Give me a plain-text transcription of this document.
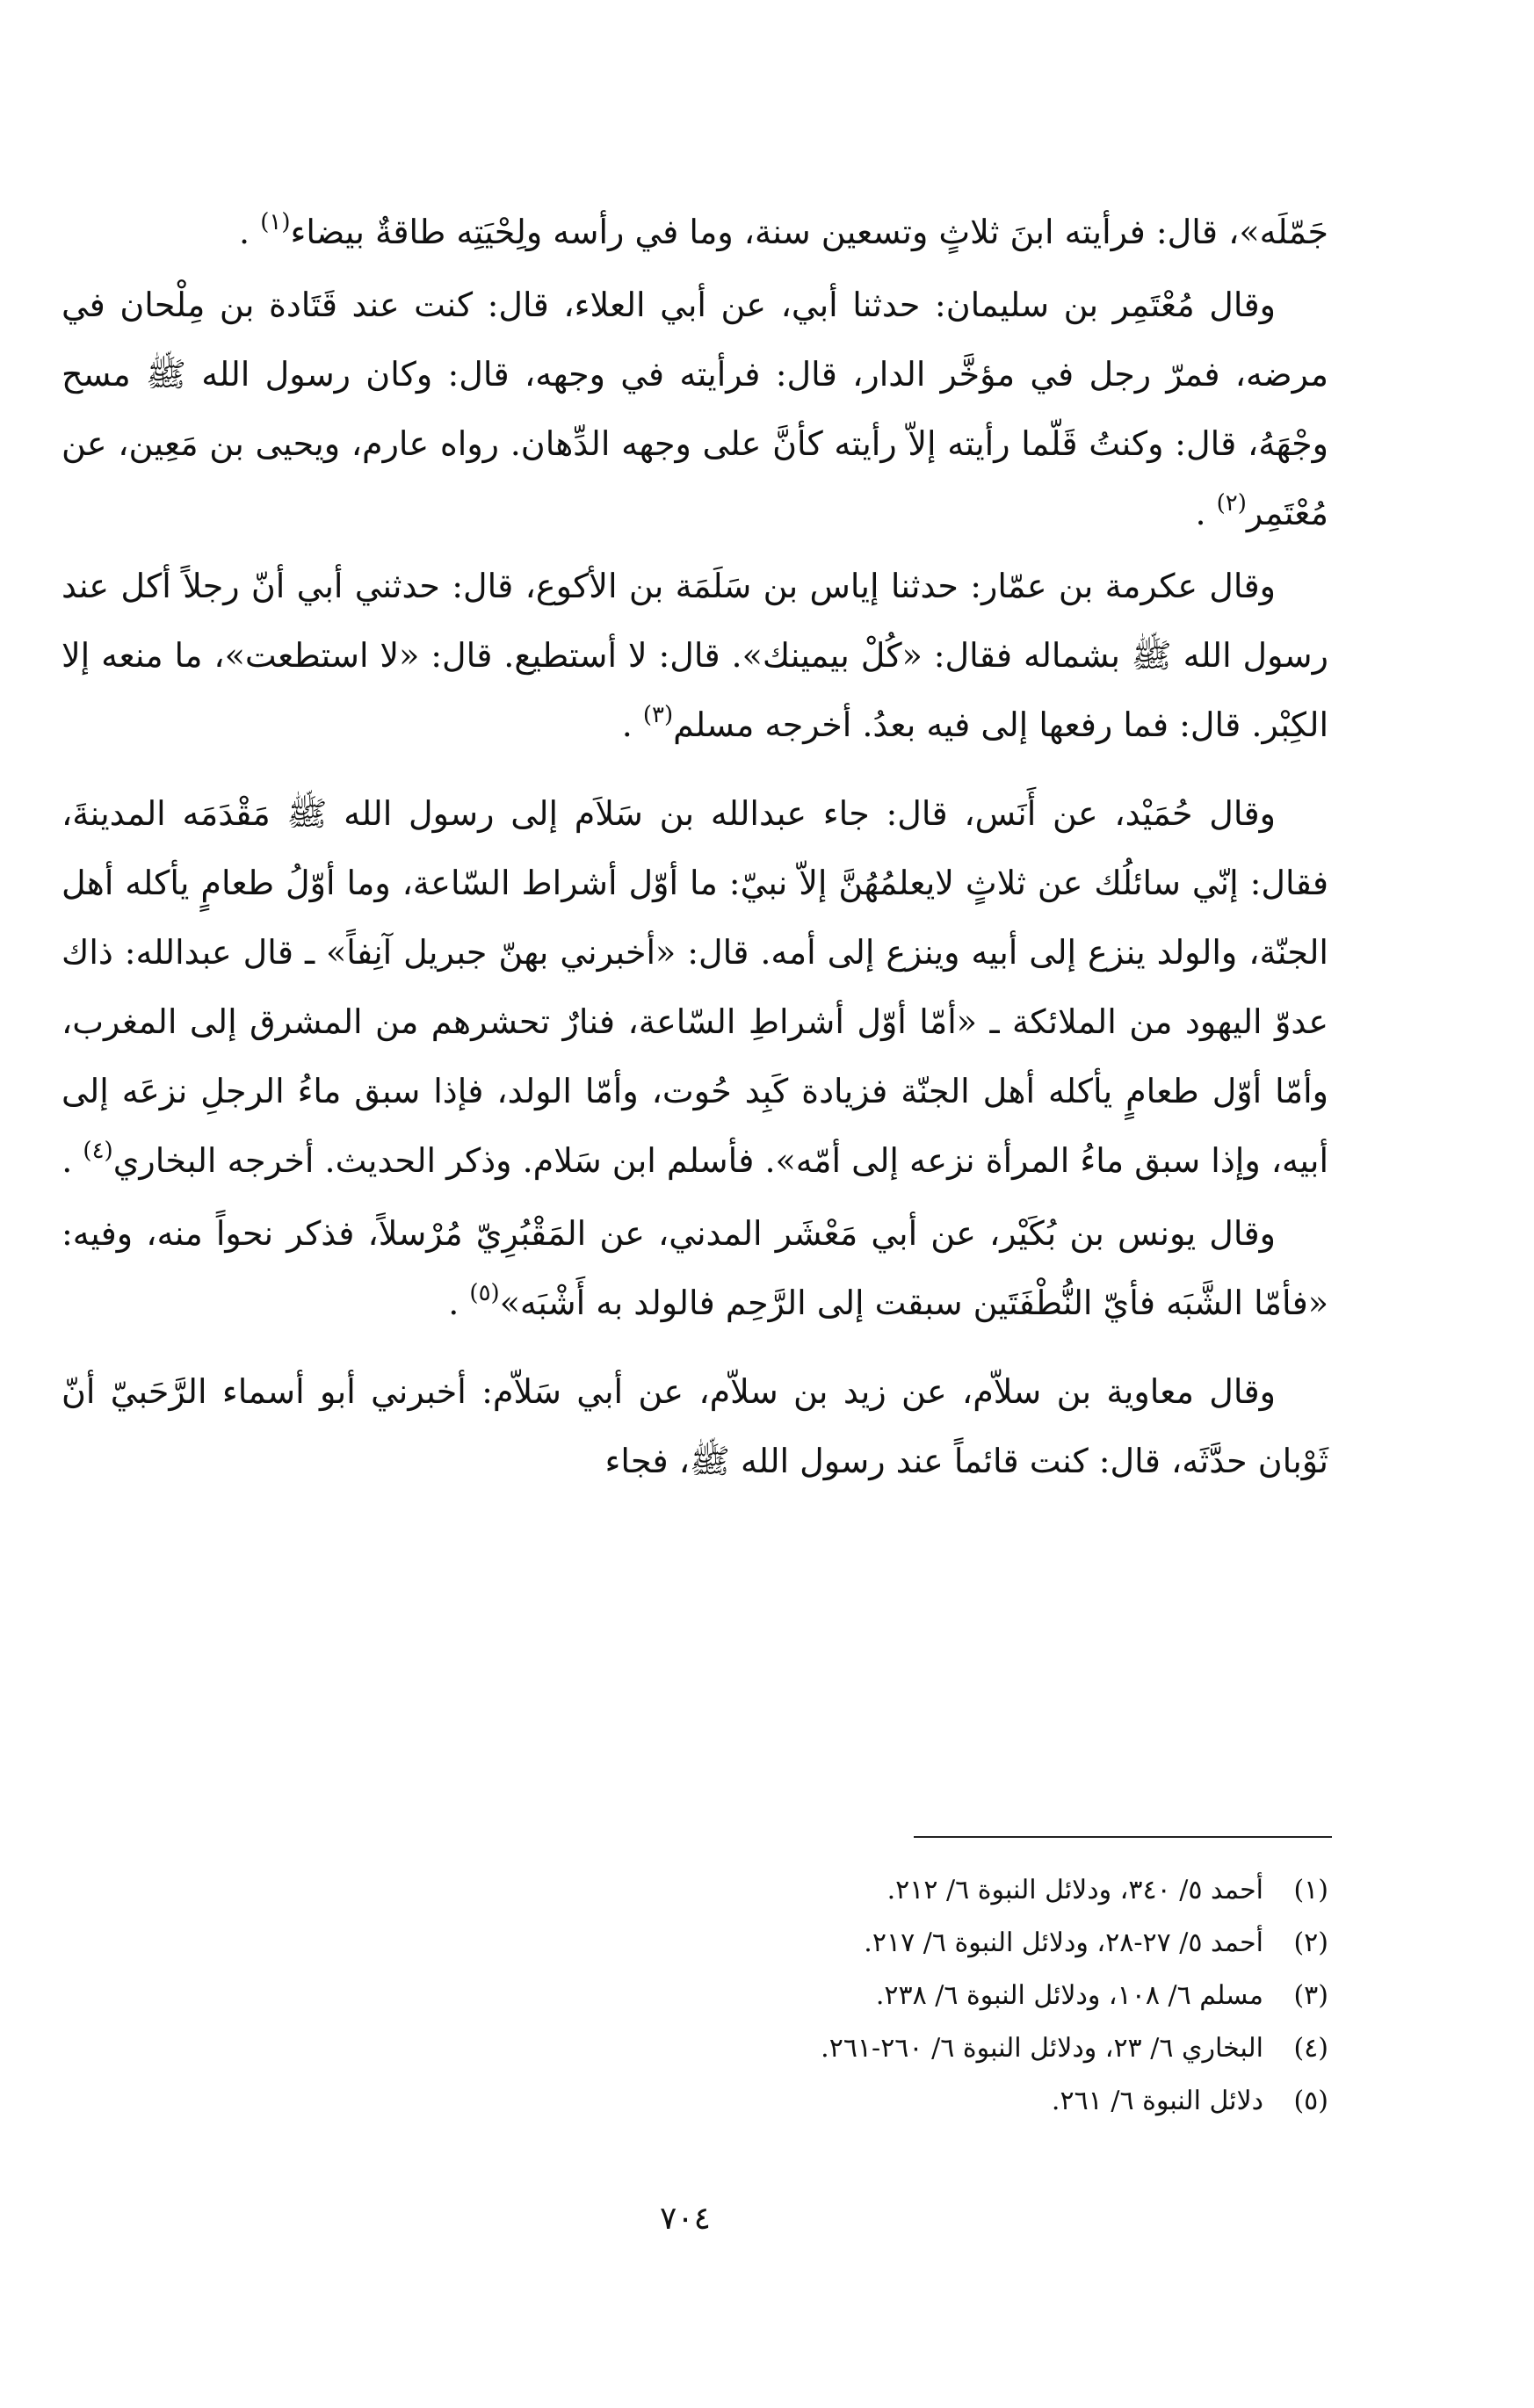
جَمّلَه»، قال: فرأيته ابنَ ثلاثٍ وتسعين سنة، وما في رأسه ولِحْيَتِه طاقةٌ بيضاء$^{(١)}$ .

وقال مُعْتَمِر بن سليمان: حدثنا أبي، عن أبي العلاء، قال: كنت عند قَتَادة بن مِلْحان في مرضه، فمرّ رجل في مؤخَّر الدار، قال: فرأيته في وجهه، قال: وكان رسول الله ﷺ مسح وجْهَهُ، قال: وكنتُ قَلّما رأيته إلاّ رأيته كأنَّ على وجهه الدِّهان. رواه عارم، ويحيى بن مَعِين، عن مُعْتَمِر$^{(٢)}$ .

وقال عكرمة بن عمّار: حدثنا إياس بن سَلَمَة بن الأكوع، قال: حدثني أبي أنّ رجلاً أكل عند رسول الله ﷺ بشماله فقال: «كُلْ بيمينك». قال: لا أستطيع. قال: «لا استطعت»، ما منعه إلا الكِبْر. قال: فما رفعها إلى فيه بعدُ. أخرجه مسلم$^{(٣)}$ .

وقال حُمَيْد، عن أَنَس، قال: جاء عبدالله بن سَلاَم إلى رسول الله ﷺ مَقْدَمَه المدينةَ، فقال: إنّي سائلُك عن ثلاثٍ لايعلمُهُنَّ إلاّ نبيّ: ما أوّل أشراط السّاعة، وما أوّلُ طعامٍ يأكله أهل الجنّة، والولد ينزع إلى أبيه وينزع إلى أمه. قال: «أخبرني بهنّ جبريل آنِفاً» ـ قال عبدالله: ذاك عدوّ اليهود من الملائكة ـ «أمّا أوّل أشراطِ السّاعة، فنارٌ تحشرهم من المشرق إلى المغرب، وأمّا أوّل طعامٍ يأكله أهل الجنّة فزيادة كَبِد حُوت، وأمّا الولد، فإذا سبق ماءُ الرجلِ نزعَه إلى أبيه، وإذا سبق ماءُ المرأة نزعه إلى أمّه». فأسلم ابن سَلام. وذكر الحديث. أخرجه البخاري$^{(٤)}$ .

وقال يونس بن بُكَيْر، عن أبي مَعْشَر المدني، عن المَقْبُرِيّ مُرْسلاً، فذكر نحواً منه، وفيه: «فأمّا الشَّبَه فأيّ النُّطْفَتَين سبقت إلى الرَّحِم فالولد به أَشْبَه»$^{(٥)}$ .

وقال معاوية بن سلاّم، عن زيد بن سلاّم، عن أبي سَلاّم: أخبرني أبو أسماء الرَّحَبيّ أنّ ثَوْبان حدَّثَه، قال: كنت قائماً عند رسول الله ﷺ، فجاء

(١)
أحمد ٥/ ٣٤٠، ودلائل النبوة ٦/ ٢١٢.
(٢)
أحمد ٥/ ٢٧-٢٨، ودلائل النبوة ٦/ ٢١٧.
(٣)
مسلم ٦/ ١٠٨، ودلائل النبوة ٦/ ٢٣٨.
(٤)
البخاري ٦/ ٢٣، ودلائل النبوة ٦/ ٢٦٠-٢٦١.
(٥)
دلائل النبوة ٦/ ٢٦١.
٧٠٤
